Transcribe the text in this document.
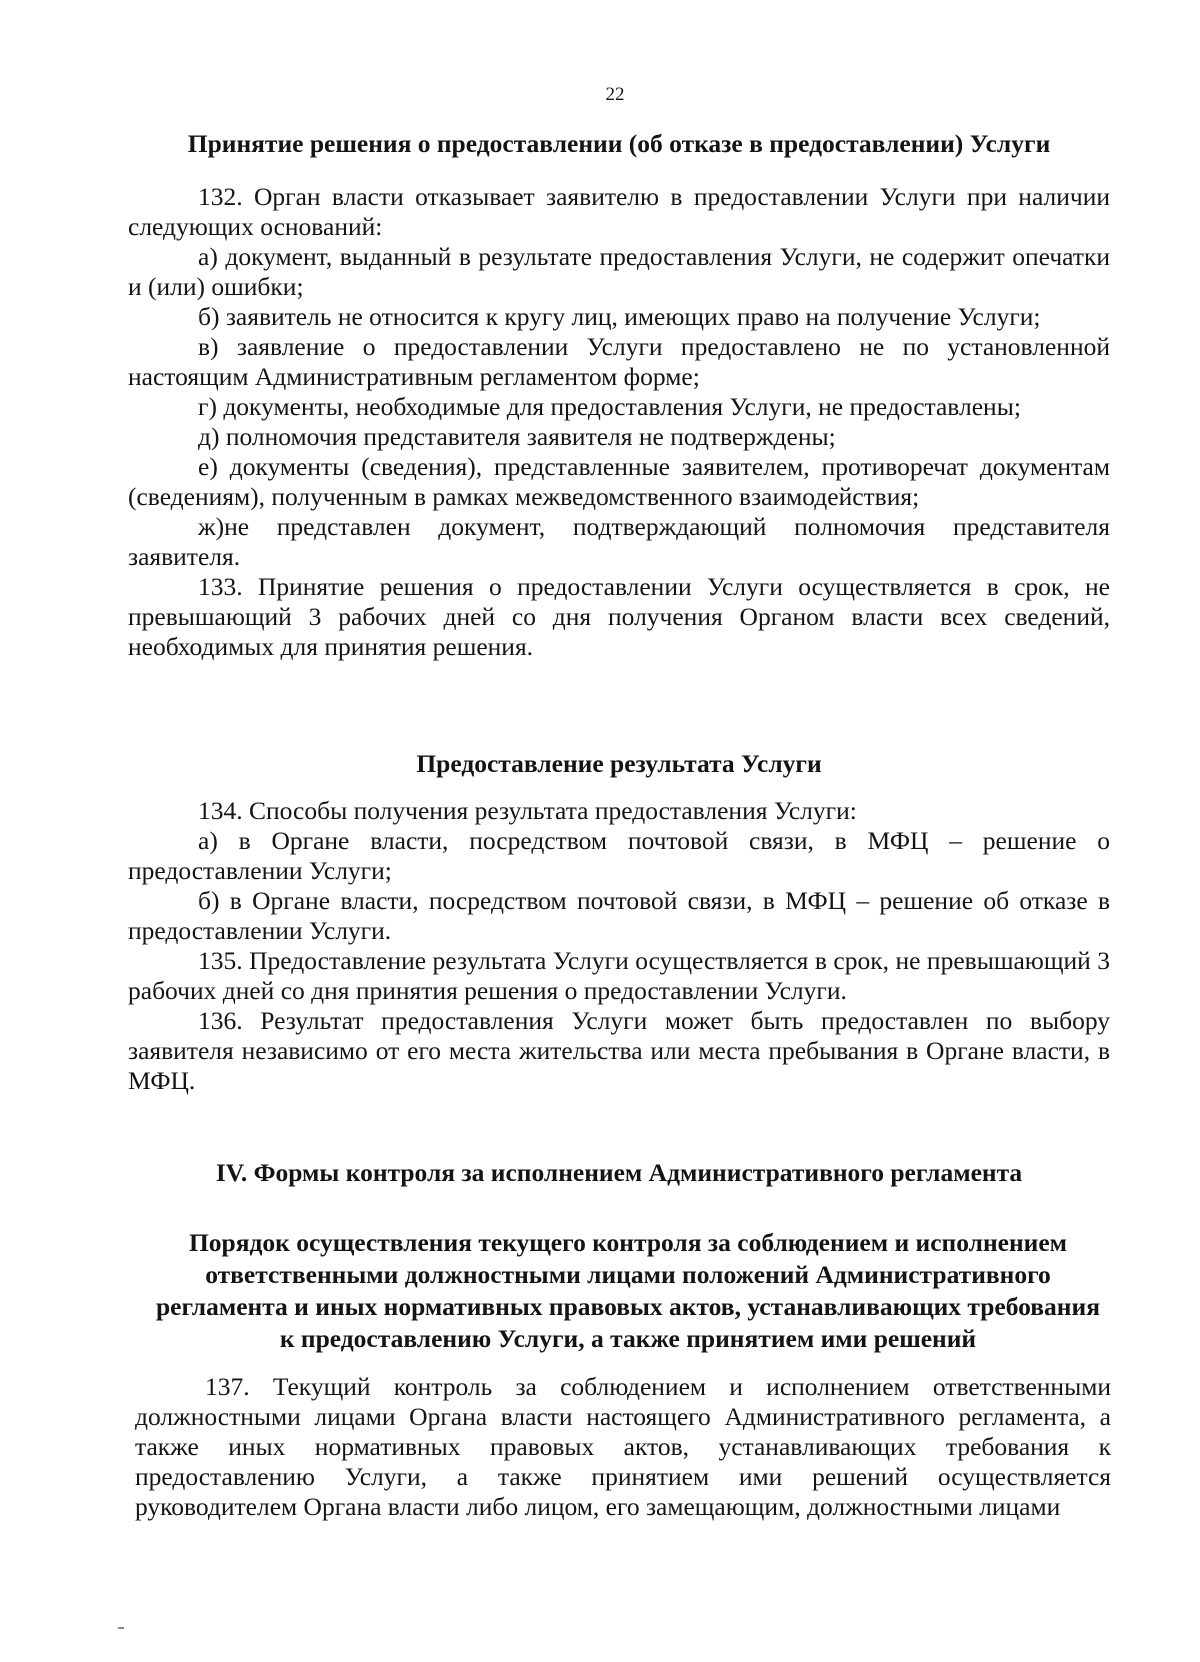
22
Принятие решения о предоставлении (об отказе в предоставлении) Услуги

132. Орган власти отказывает заявителю в предоставлении Услуги при наличии следующих оснований:

а) документ, выданный в результате предоставления Услуги, не содержит опечатки и (или) ошибки;

б) заявитель не относится к кругу лиц, имеющих право на получение Услуги;

в) заявление о предоставлении Услуги предоставлено не по установленной настоящим Административным регламентом форме;

г) документы, необходимые для предоставления Услуги, не предоставлены;

д) полномочия представителя заявителя не подтверждены;

е) документы (сведения), представленные заявителем, противоречат документам (сведениям), полученным в рамках межведомственного взаимодействия;

ж)не представлен документ, подтверждающий полномочия представителя заявителя.

133. Принятие решения о предоставлении Услуги осуществляется в срок, не превышающий 3 рабочих дней со дня получения Органом власти всех сведений, необходимых для принятия решения.

Предоставление результата Услуги

134. Способы получения результата предоставления Услуги:

а) в Органе власти, посредством почтовой связи, в МФЦ – решение о предоставлении Услуги;

б) в Органе власти, посредством почтовой связи, в МФЦ – решение об отказе в предоставлении Услуги.

135. Предоставление результата Услуги осуществляется в срок, не превышающий 3 рабочих дней со дня принятия решения о предоставлении Услуги.

136. Результат предоставления Услуги может быть предоставлен по выбору заявителя независимо от его места жительства или места пребывания в Органе власти, в МФЦ.

IV. Формы контроля за исполнением Административного регламента
Порядок осуществления текущего контроля за соблюдением и исполнением ответственными должностными лицами положений Административного регламента и иных нормативных правовых актов, устанавливающих требования к предоставлению Услуги, а также принятием ими решений

137. Текущий контроль за соблюдением и исполнением ответственными должностными лицами Органа власти настоящего Административного регламента, а также иных нормативных правовых актов, устанавливающих требования к предоставлению Услуги, а также принятием ими решений осуществляется руководителем Органа власти либо лицом, его замещающим, должностными лицами
